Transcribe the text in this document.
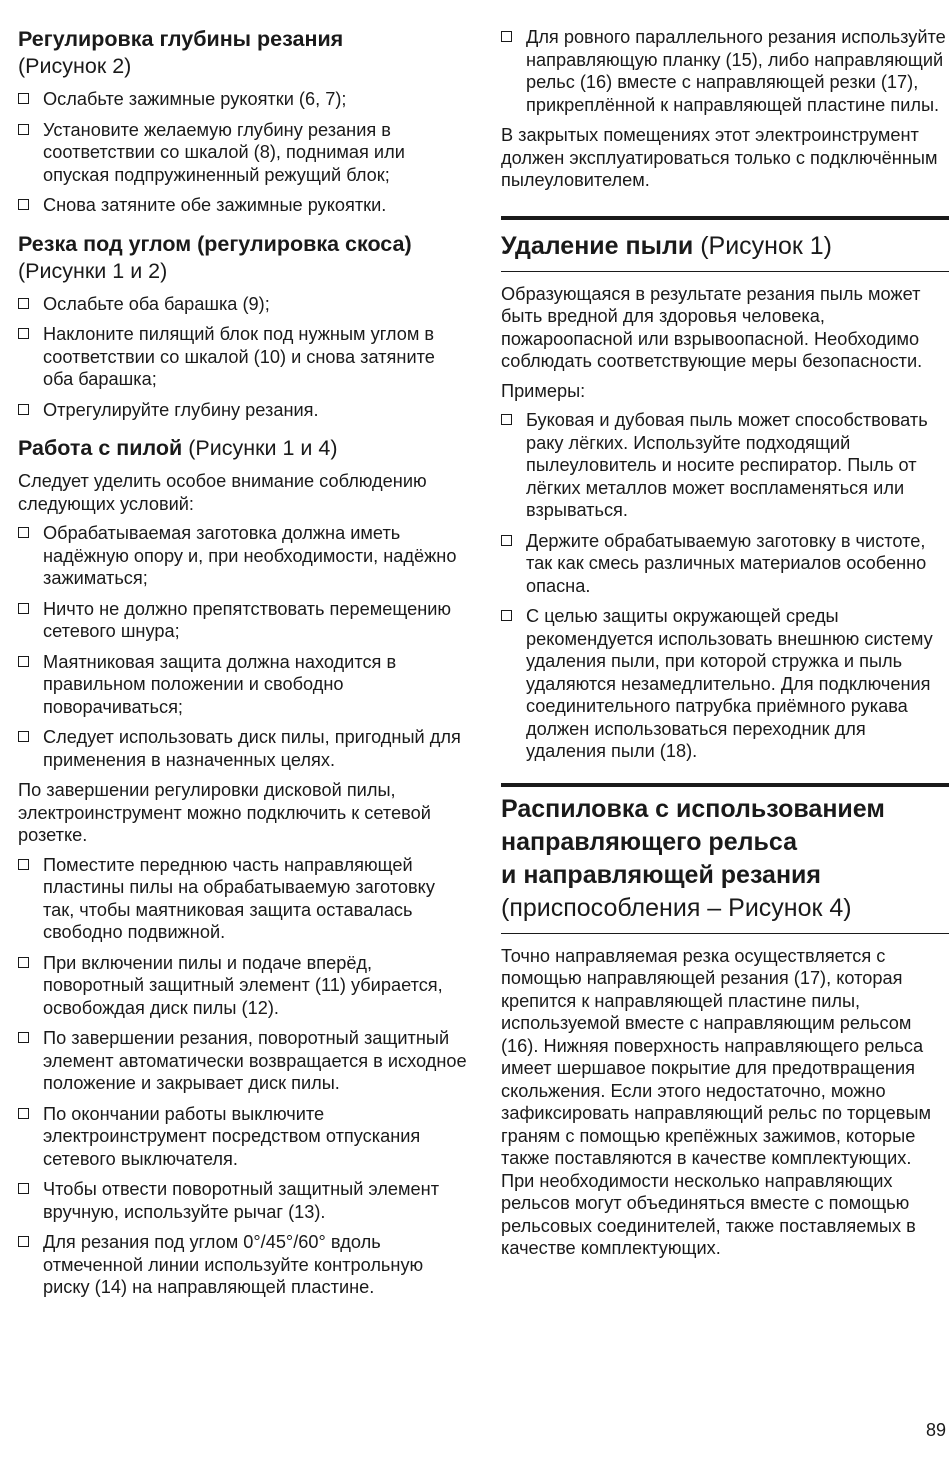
Регулировка глубины резания
(Рисунок 2)
Ослабьте зажимные рукоятки (6, 7);
Установите желаемую глубину резания в соответствии со шкалой (8), поднимая или опуская подпружиненный режущий блок;
Снова затяните обе зажимные рукоятки.
Резка под углом (регулировка скоса)
(Рисунки 1 и 2)
Ослабьте оба барашка (9);
Наклоните пилящий блок под нужным углом в соответствии со шкалой (10) и снова затяните оба барашка;
Отрегулируйте глубину резания.
Работа с пилой (Рисунки 1 и 4)

Следует уделить особое внимание соблюдению следующих условий:

Обрабатываемая заготовка должна иметь надёжную опору и, при необходимости, надёжно зажиматься;
Ничто не должно препятствовать перемещению сетевого шнура;
Маятниковая защита должна находится в правильном положении и свободно поворачиваться;
Следует использовать диск пилы, пригодный для применения в назначенных целях.

По завершении регулировки дисковой пилы, электроинструмент можно подключить к сетевой розетке.

Поместите переднюю часть направляющей пластины пилы на обрабатываемую заготовку так, чтобы маятниковая защита оставалась свободно подвижной.
При включении пилы и подаче вперёд, поворотный защитный элемент (11) убирается, освобождая диск пилы (12).
По завершении резания, поворотный защитный элемент автоматически возвращается в исходное положение и закрывает диск пилы.
По окончании работы выключите электроинструмент посредством отпускания сетевого выключателя.
Чтобы отвести поворотный защитный элемент вручную, используйте рычаг (13).
Для резания под углом 0°/45°/60° вдоль отмеченной линии используйте контрольную риску (14) на направляющей пластине.
Для ровного параллельного резания используйте направляющую планку (15), либо направляющий рельс (16) вместе с направляющей резки (17), прикреплённой к направляющей пластине пилы.

В закрытых помещениях этот электроинструмент должен эксплуатироваться только с подключённым пылеуловителем.

Удаление пыли (Рисунок 1)

Образующаяся в результате резания пыль может быть вредной для здоровья человека, пожароопасной или взрывоопасной. Необходимо соблюдать соответствующие меры безопасности.

Примеры:

Буковая и дубовая пыль может способствовать раку лёгких. Используйте подходящий пылеуловитель и носите респиратор. Пыль от лёгких металлов может воспламеняться или взрываться.
Держите обрабатываемую заготовку в чистоте, так как смесь различных материалов особенно опасна.
С целью защиты окружающей среды рекомендуется использовать внешнюю систему удаления пыли, при которой стружка и пыль удаляются незамедлительно. Для подключения соединительного патрубка приёмного рукава должен использоваться переходник для удаления пыли (18).
Распиловка с использованием
направляющего рельса
и направляющей резания
(приспособления – Рисунок 4)

Точно направляемая резка осуществляется с помощью направляющей резания (17), которая крепится к направляющей пластине пилы, используемой вместе с направляющим рельсом (16). Нижняя поверхность направляющего рельса имеет шершавое покрытие для предотвращения скольжения. Если этого недостаточно, можно зафиксировать направляющий рельс по торцевым граням с помощью крепёжных зажимов, которые также поставляются в качестве комплектующих. При необходимости несколько направляющих рельсов могут объединяться вместе с помощью рельсовых соединителей, также поставляемых в качестве комплектующих.

89
